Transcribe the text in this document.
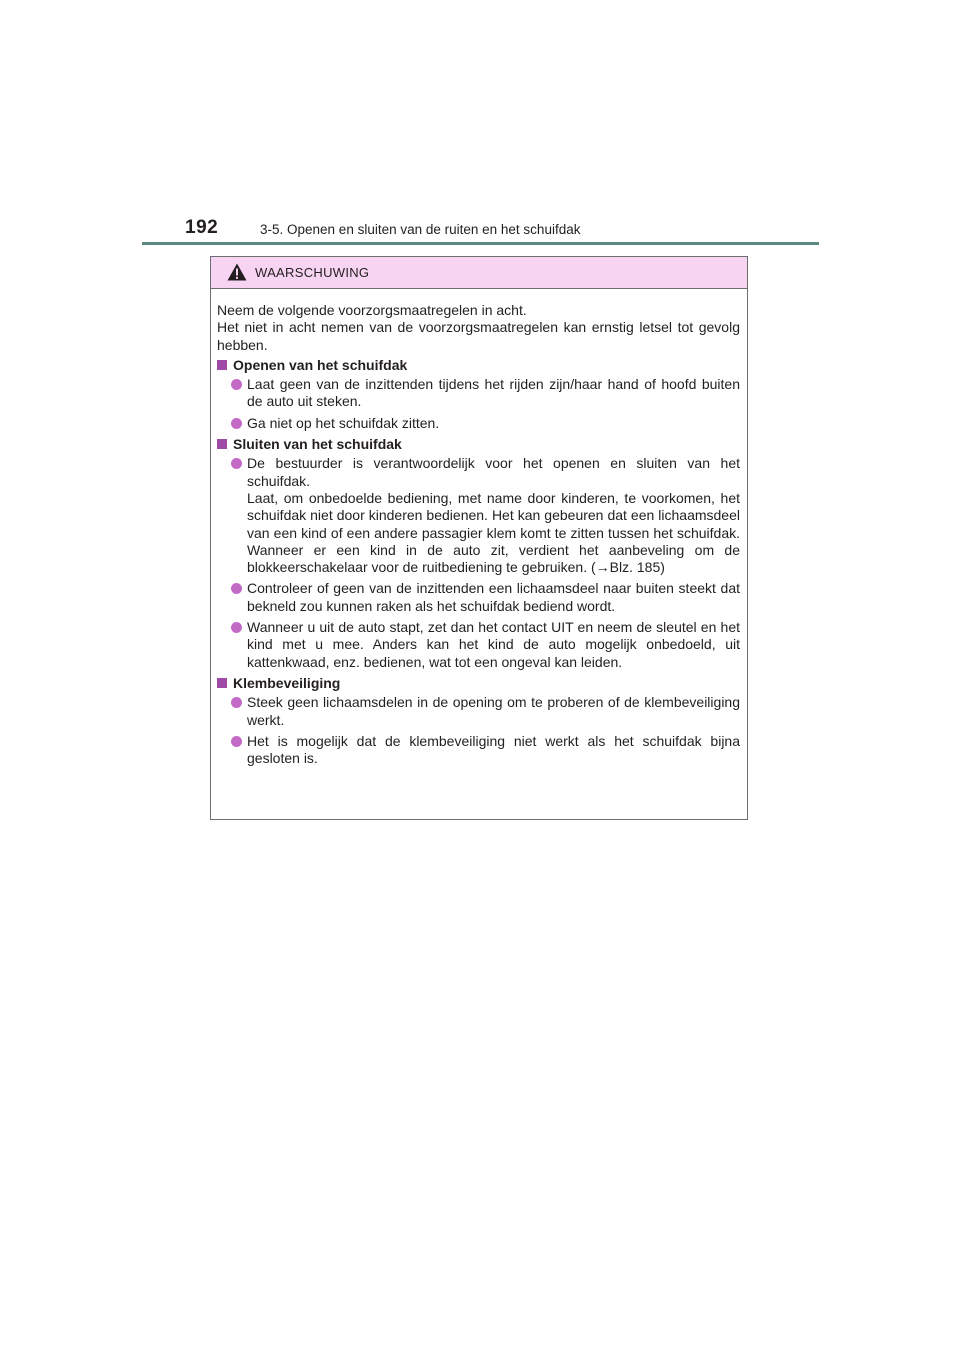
192	3-5. Openen en sluiten van de ruiten en het schuifdak
WAARSCHUWING

Neem de volgende voorzorgsmaatregelen in acht.

Het niet in acht nemen van de voorzorgsmaatregelen kan ernstig letsel tot gevolg hebben.

Openen van het schuifdak
Laat geen van de inzittenden tijdens het rijden zijn/haar hand of hoofd buiten de auto uit steken.
Ga niet op het schuifdak zitten.
Sluiten van het schuifdak
De bestuurder is verantwoordelijk voor het openen en sluiten van het schuifdak.
Laat, om onbedoelde bediening, met name door kinderen, te voorkomen, het schuifdak niet door kinderen bedienen. Het kan gebeuren dat een lichaamsdeel van een kind of een andere passagier klem komt te zitten tussen het schuifdak. Wanneer er een kind in de auto zit, verdient het aanbeveling om de blokkeerschakelaar voor de ruitbediening te gebruiken. (→Blz. 185)
Controleer of geen van de inzittenden een lichaamsdeel naar buiten steekt dat bekneld zou kunnen raken als het schuifdak bediend wordt.
Wanneer u uit de auto stapt, zet dan het contact UIT en neem de sleutel en het kind met u mee. Anders kan het kind de auto mogelijk onbedoeld, uit kattenkwaad, enz. bedienen, wat tot een ongeval kan leiden.
Klembeveiliging
Steek geen lichaamsdelen in de opening om te proberen of de klembeveiliging werkt.
Het is mogelijk dat de klembeveiliging niet werkt als het schuifdak bijna gesloten is.
